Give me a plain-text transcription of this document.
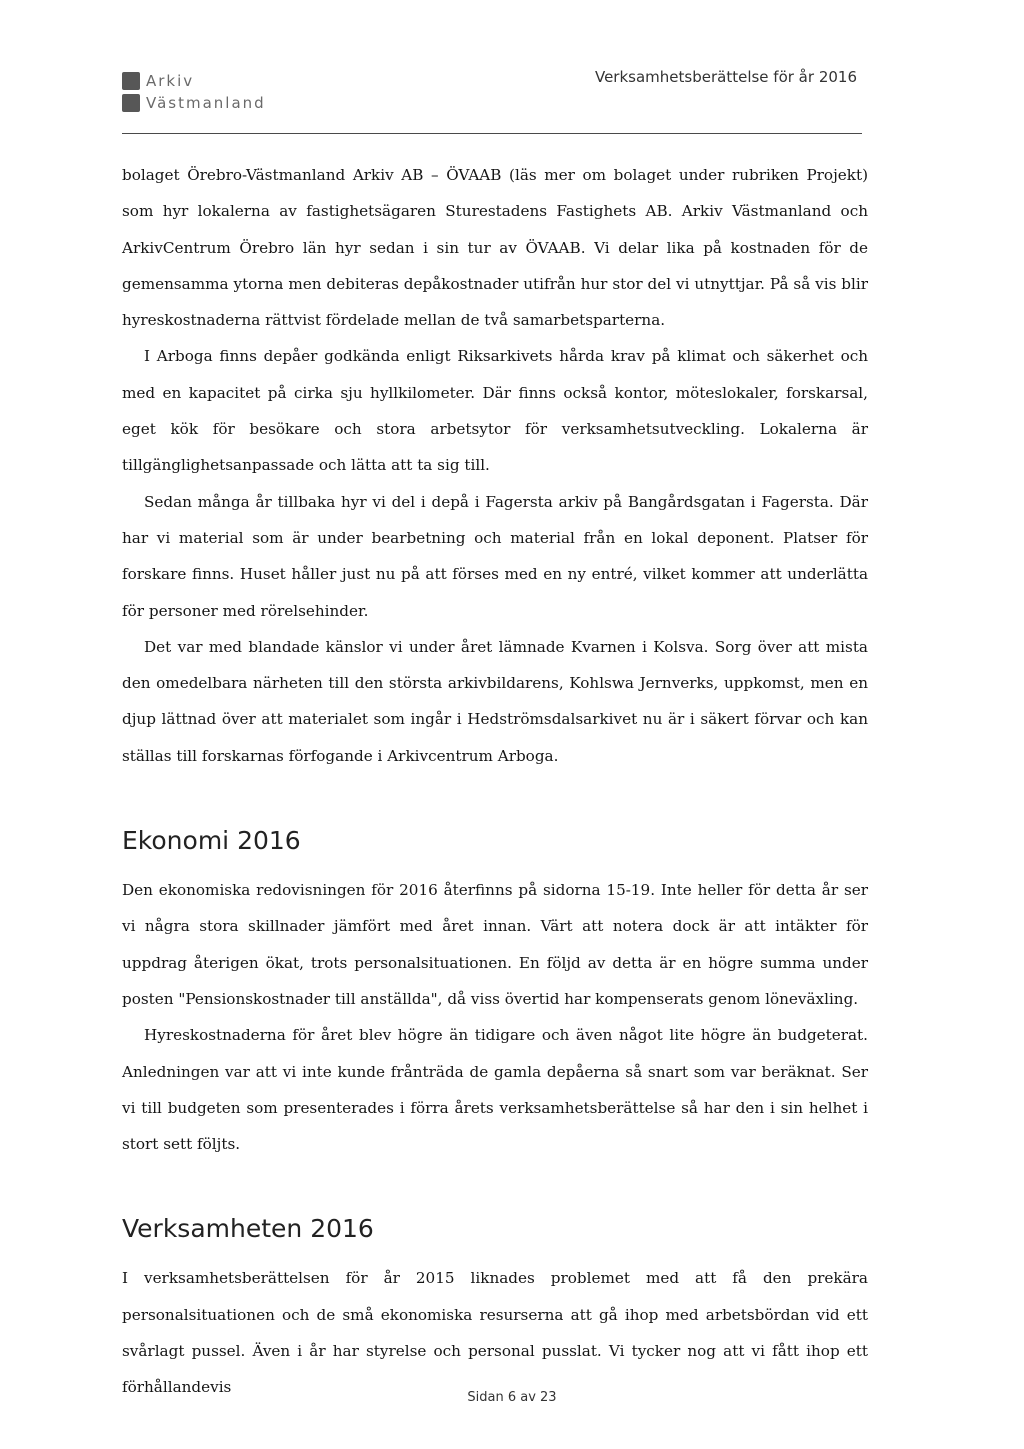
Arkiv
Västmanland
Verksamhetsberättelse för år 2016

bolaget Örebro-Västmanland Arkiv AB – ÖVAAB (läs mer om bolaget under rubriken Projekt) som hyr lokalerna av fastighetsägaren Sturestadens Fastighets AB. Arkiv Västmanland och ArkivCentrum Örebro län hyr sedan i sin tur av ÖVAAB. Vi delar lika på kostnaden för de gemensamma ytorna men debiteras depåkostnader utifrån hur stor del vi utnyttjar. På så vis blir hyreskostnaderna rättvist fördelade mellan de två samarbetsparterna.

I Arboga finns depåer godkända enligt Riksarkivets hårda krav på klimat och säkerhet och med en kapacitet på cirka sju hyllkilometer. Där finns också kontor, möteslokaler, forskarsal, eget kök för besökare och stora arbetsytor för verksamhetsutveckling. Lokalerna är tillgänglighetsanpassade och lätta att ta sig till.

Sedan många år tillbaka hyr vi del i depå i Fagersta arkiv på Bangårdsgatan i Fagersta. Där har vi material som är under bearbetning och material från en lokal deponent. Platser för forskare finns. Huset håller just nu på att förses med en ny entré, vilket kommer att underlätta för personer med rörelsehinder.

Det var med blandade känslor vi under året lämnade Kvarnen i Kolsva. Sorg över att mista den omedelbara närheten till den största arkivbildarens, Kohlswa Jernverks, uppkomst, men en djup lättnad över att materialet som ingår i Hedströmsdalsarkivet nu är i säkert förvar och kan ställas till forskarnas förfogande i Arkivcentrum Arboga.

Ekonomi 2016

Den ekonomiska redovisningen för 2016 återfinns på sidorna 15-19. Inte heller för detta år ser vi några stora skillnader jämfört med året innan. Värt att notera dock är att intäkter för uppdrag återigen ökat, trots personalsituationen. En följd av detta är en högre summa under posten "Pensionskostnader till anställda", då viss övertid har kompenserats genom löneväxling.

Hyreskostnaderna för året blev högre än tidigare och även något lite högre än budgeterat. Anledningen var att vi inte kunde frånträda de gamla depåerna så snart som var beräknat. Ser vi till budgeten som presenterades i förra årets verksamhetsberättelse så har den i sin helhet i stort sett följts.

Verksamheten 2016

I verksamhetsberättelsen för år 2015 liknades problemet med att få den prekära personalsituationen och de små ekonomiska resurserna att gå ihop med arbetsbördan vid ett svårlagt pussel. Även i år har styrelse och personal pusslat. Vi tycker nog att vi fått ihop ett förhållandevis

Sidan 6 av 23
